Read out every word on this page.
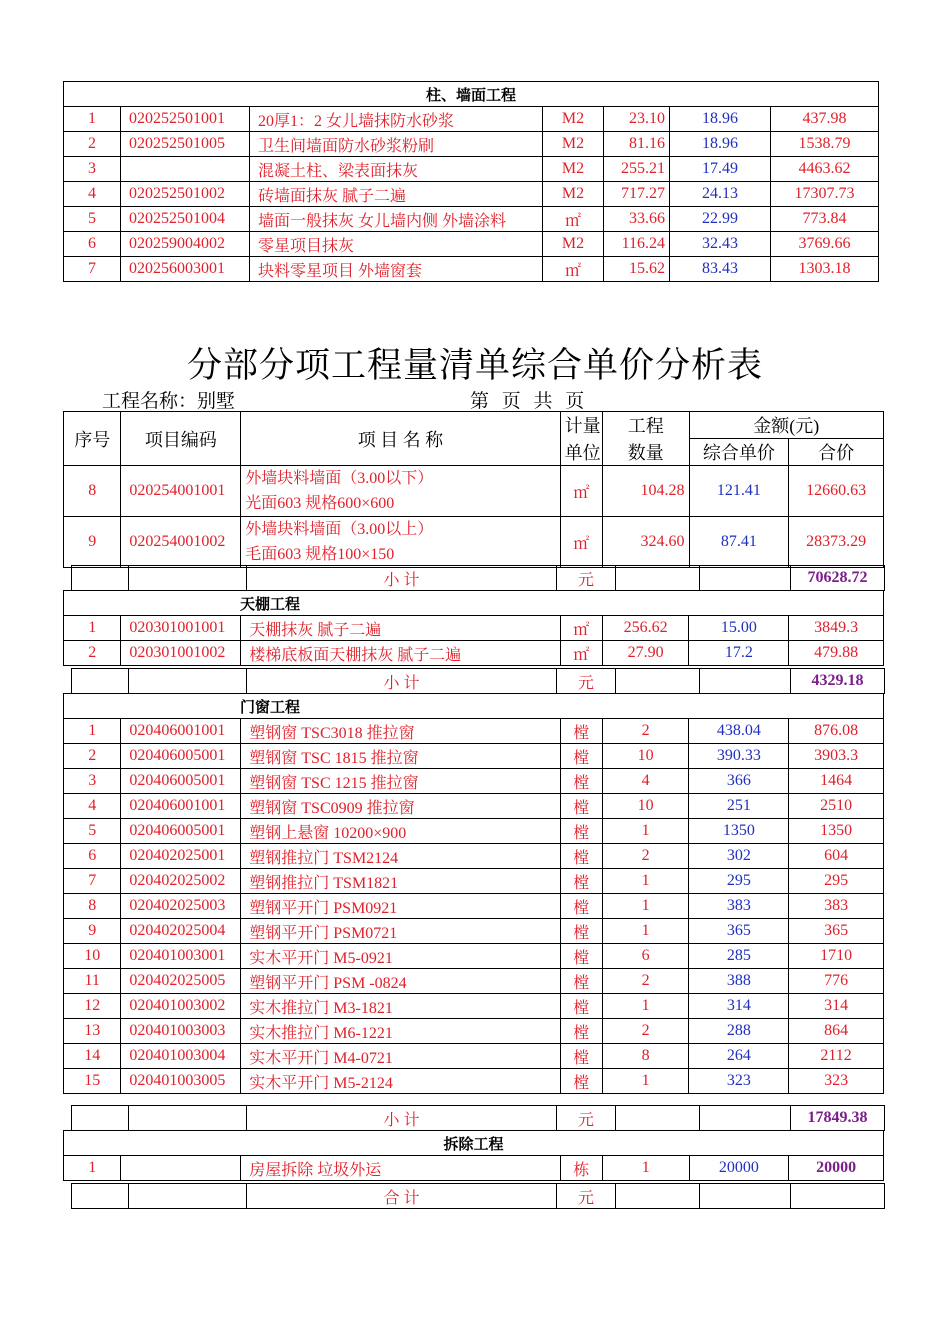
柱、墙面工程						
1	020252501001	20厚1：2 女儿墙抹防水砂浆	M2	23.10	18.96	437.98
2	020252501005	卫生间墙面防水砂浆粉刷	M2	81.16	18.96	1538.79
3		混凝土柱、梁表面抹灰	M2	255.21	17.49	4463.62
4	020252501002	砖墙面抹灰 腻子二遍	M2	717.27	24.13	17307.73
5	020252501004	墙面一般抹灰 女儿墙内侧 外墙涂料	㎡	33.66	22.99	773.84
6	020259004002	零星项目抹灰	M2	116.24	32.43	3769.66
7	020256003001	块料零星项目 外墙窗套	㎡	15.62	83.43	1303.18
分部分项工程量清单综合单价分析表
工程名称：别墅	第 页 共 页
序号	项目编码	项 目 名 称	计量	工程	金额(元)	
			单位	数量	综合单价	合价
8	020254001001	外墙块料墙面（3.00以下）
光面603 规格600×600	㎡	104.28	121.41	12660.63
9	020254001002	外墙块料墙面（3.00以上）
毛面603 规格100×150	㎡	324.60	87.41	28373.29
		小 计	元			70628.72
天棚工程						
1	020301001001	天棚抹灰 腻子二遍	㎡	256.62	15.00	3849.3
2	020301001002	楼梯底板面天棚抹灰 腻子二遍	㎡	27.90	17.2	479.88
		小 计	元			4329.18
门窗工程						
1	020406001001	塑钢窗 TSC3018 推拉窗	樘	2	438.04	876.08
2	020406005001	塑钢窗 TSC 1815 推拉窗	樘	10	390.33	3903.3
3	020406005001	塑钢窗 TSC 1215 推拉窗	樘	4	366	1464
4	020406001001	塑钢窗 TSC0909 推拉窗	樘	10	251	2510
5	020406005001	塑钢上悬窗 10200×900	樘	1	1350	1350
6	020402025001	塑钢推拉门 TSM2124	樘	2	302	604
7	020402025002	塑钢推拉门 TSM1821	樘	1	295	295
8	020402025003	塑钢平开门 PSM0921	樘	1	383	383
9	020402025004	塑钢平开门 PSM0721	樘	1	365	365
10	020401003001	实木平开门 M5-0921	樘	6	285	1710
11	020402025005	塑钢平开门 PSM -0824	樘	2	388	776
12	020401003002	实木推拉门 M3-1821	樘	1	314	314
13	020401003003	实木推拉门 M6-1221	樘	2	288	864
14	020401003004	实木平开门 M4-0721	樘	8	264	2112
15	020401003005	实木平开门 M5-2124	樘	1	323	323
		小 计	元			17849.38
拆除工程
1		房屋拆除 垃圾外运	栋	1	20000	20000
		合 计	元			
